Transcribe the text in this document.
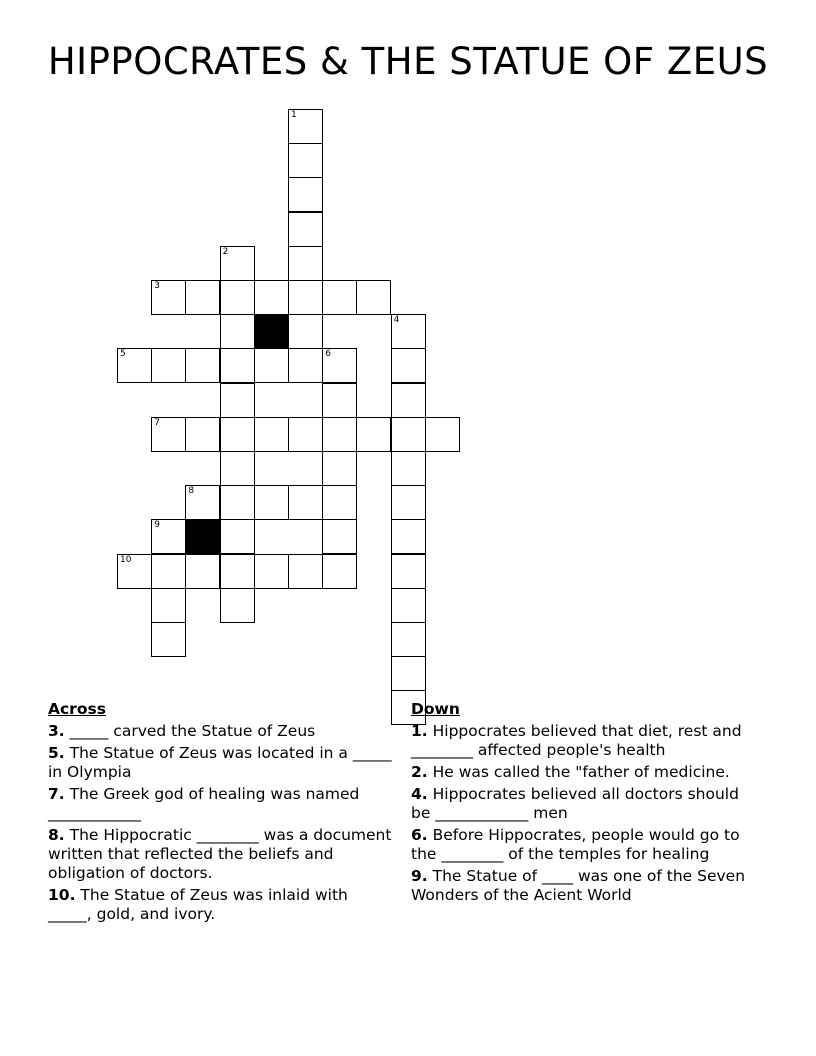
HIPPOCRATES & THE STATUE OF ZEUS
1
2
3
5	6
4
7
8
9
10
Across
3. _____ carved the Statue of Zeus
5. The Statue of Zeus was located in a _____ in Olympia
7. The Greek god of healing was named ____________
8. The Hippocratic ________ was a document written that reflected the beliefs and obligation of doctors.
10. The Statue of Zeus was inlaid with _____, gold, and ivory.
Down
1. Hippocrates believed that diet, rest and ________ affected people's health
2. He was called the "father of medicine.
4. Hippocrates believed all doctors should be ____________ men
6. Before Hippocrates, people would go to the ________ of the temples for healing
9. The Statue of ____ was one of the Seven Wonders of the Acient World
